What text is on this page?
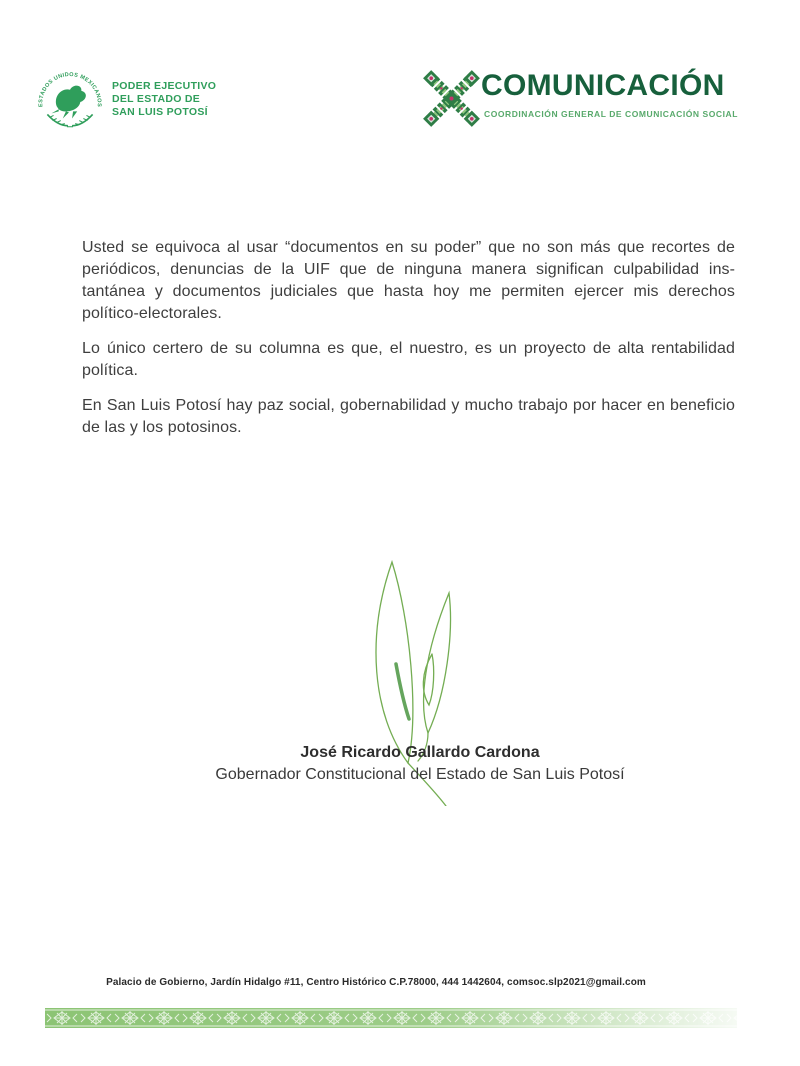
ESTADOS UNIDOS MEXICANOS
PODER EJECUTIVO
DEL ESTADO DE
SAN LUIS POTOSÍ
COMUNICACIÓN
COORDINACIÓN GENERAL DE COMUNICACIÓN SOCIAL

Usted se equivoca al usar “documentos en su poder” que no son más que recortes de periódicos, denuncias de la UIF que de ninguna manera significan culpabilidad instantánea y documentos judiciales que hasta hoy me permiten ejercer mis derechos político-electorales.

Lo único certero de su columna es que, el nuestro, es un proyecto de alta rentabilidad política.

En San Luis Potosí hay paz social, gobernabilidad y mucho trabajo por hacer en beneficio de las y los potosinos.

José Ricardo Gallardo Cardona
Gobernador Constitucional del Estado de San Luis Potosí
Palacio de Gobierno, Jardín Hidalgo #11, Centro Histórico C.P.78000, 444 1442604, comsoc.slp2021@gmail.com
